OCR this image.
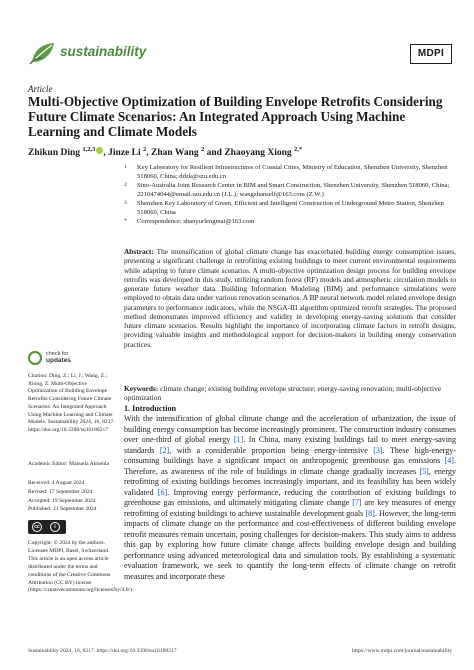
sustainability	MDPI
Article
Multi-Objective Optimization of Building Envelope Retrofits Considering Future Climate Scenarios: An Integrated Approach Using Machine Learning and Climate Models
Zhikun Ding $^{1,2,3}$ , Jinze Li $^2$, Zhan Wang $^2$ and Zhaoyang Xiong $^{2,*}$
1 Key Laboratory for Resilient Infrastructures of Coastal Cities, Ministry of Education, Shenzhen University, Shenzhen 518060, China; ddzk@szu.edu.cn
2 Sino-Australia Joint Research Center in BIM and Smart Construction, Shenzhen University, Shenzhen 518060, China; 2210474044@email.szu.edu.cn (J.L.); wangzhanself@163.com (Z.W.)
3 Shenzhen Key Laboratory of Green, Efficient and Intelligent Construction of Underground Metro Station, Shenzhen 518060, China
* Correspondence: shanyurlengmai@163.com
Abstract: The intensification of global climate change has exacerbated building energy consumption issues, presenting a significant challenge in retrofitting existing buildings to meet current environmental requirements while adapting to future climate scenarios. A multi-objective optimization design process for building envelope retrofits was developed in this study, utilizing random forest (RF) models and atmospheric circulation models to generate future weather data. Building Information Modeling (BIM) and performance simulations were employed to obtain data under various renovation scenarios. A BP neural network model related envelope design parameters to performance indicators, while the NSGA-III algorithm optimized retrofit strategies. The proposed method demonstrates improved efficiency and validity in developing energy-saving solutions that consider future climate scenarios. Results highlight the importance of incorporating climate factors in retrofit designs, providing valuable insights and methodological support for decision-makers in building energy conservation practices.
Keywords: climate change; existing building envelope structure; energy-saving renovation; multi-objective optimization
check for
updates
Citation: Ding, Z.; Li, J.; Wang, Z.; Xiong, Z. Multi-Objective Optimization of Building Envelope Retrofits Considering Future Climate Scenarios: An Integrated Approach Using Machine Learning and Climate Models. Sustainability 2024, 16, 8217. https://doi.org/10.3390/su16188217
Academic Editor: Manuela Almeida
Received: 4 August 2024
Revised: 17 September 2024
Accepted: 19 September 2024
Published: 21 September 2024
cc	i
Copyright: © 2024 by the authors. Licensee MDPI, Basel, Switzerland. This article is an open access article distributed under the terms and conditions of the Creative Commons Attribution (CC BY) license (https://creativecommons.org/licenses/by/4.0/).
1. Introduction
With the intensification of global climate change and the acceleration of urbanization, the issue of building energy consumption has become increasingly prominent. The construction industry consumes over one-third of global energy [1]. In China, many existing buildings fail to meet energy-saving standards [2], with a considerable proportion being energy-intensive [3]. These high-energy-consuming buildings have a significant impact on anthropogenic greenhouse gas emissions [4]. Therefore, as awareness of the role of buildings in climate change gradually increases [5], energy retrofitting of existing buildings becomes increasingly important, and its feasibility has been widely validated [6]. Improving energy performance, reducing the contribution of existing buildings to greenhouse gas emissions, and ultimately mitigating climate change [7] are key measures of energy retrofitting of existing buildings to achieve sustainable development goals [8]. However, the long-term impacts of climate change on the performance and cost-effectiveness of different building envelope retrofit measures remain uncertain, posing challenges for decision-makers. This study aims to address this gap by exploring how future climate change affects building envelope design and building performance using advanced meteorological data and simulation tools. By establishing a systematic evaluation framework, we seek to quantify the long-term effects of climate change on retrofit measures and incorporate these
Sustainability 2024, 16, 8217. https://doi.org/10.3390/su16188217	https://www.mdpi.com/journal/sustainability
